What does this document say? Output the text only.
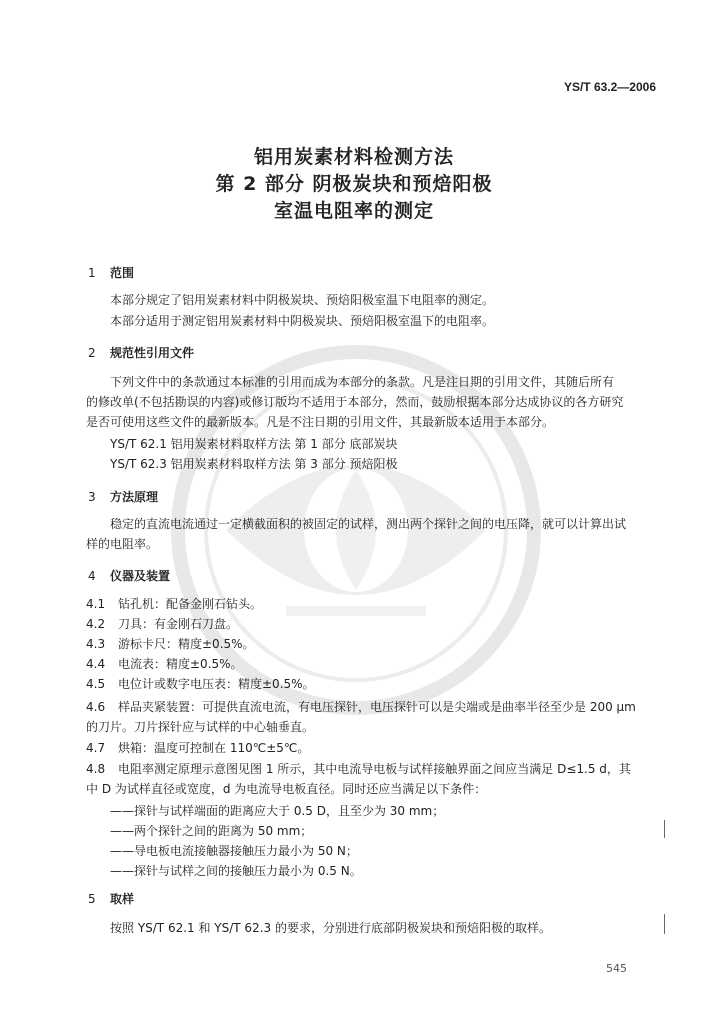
YS/T 63.2—2006
铝用炭素材料检测方法
第 2 部分 阴极炭块和预焙阳极
室温电阻率的测定
1 范围
本部分规定了铝用炭素材料中阴极炭块、预焙阳极室温下电阻率的测定。
本部分适用于测定铝用炭素材料中阴极炭块、预焙阳极室温下的电阻率。
2 规范性引用文件
下列文件中的条款通过本标准的引用而成为本部分的条款。凡是注日期的引用文件，其随后所有
的修改单(不包括勘误的内容)或修订版均不适用于本部分，然而，鼓励根据本部分达成协议的各方研究
是否可使用这些文件的最新版本。凡是不注日期的引用文件，其最新版本适用于本部分。
YS/T 62.1 铝用炭素材料取样方法 第 1 部分 底部炭块
YS/T 62.3 铝用炭素材料取样方法 第 3 部分 预焙阳极
3 方法原理
稳定的直流电流通过一定横截面积的被固定的试样，测出两个探针之间的电压降，就可以计算出试
样的电阻率。
4 仪器及装置
4.1 钻孔机：配备金刚石钻头。
4.2 刀具：有金刚石刀盘。
4.3 游标卡尺：精度±0.5%。
4.4 电流表：精度±0.5%。
4.5 电位计或数字电压表：精度±0.5%。
4.6 样品夹紧装置：可提供直流电流，有电压探针，电压探针可以是尖端或是曲率半径至少是 200 μm
的刀片。刀片探针应与试样的中心轴垂直。
4.7 烘箱：温度可控制在 110℃±5℃。
4.8 电阻率测定原理示意图见图 1 所示，其中电流导电板与试样接触界面之间应当满足 D≤1.5 d，其
中 D 为试样直径或宽度，d 为电流导电板直径。同时还应当满足以下条件：
——探针与试样端面的距离应大于 0.5 D，且至少为 30 mm；
——两个探针之间的距离为 50 mm；
——导电板电流接触器接触压力最小为 50 N；
——探针与试样之间的接触压力最小为 0.5 N。
5 取样
按照 YS/T 62.1 和 YS/T 62.3 的要求，分别进行底部阴极炭块和预焙阳极的取样。
545
